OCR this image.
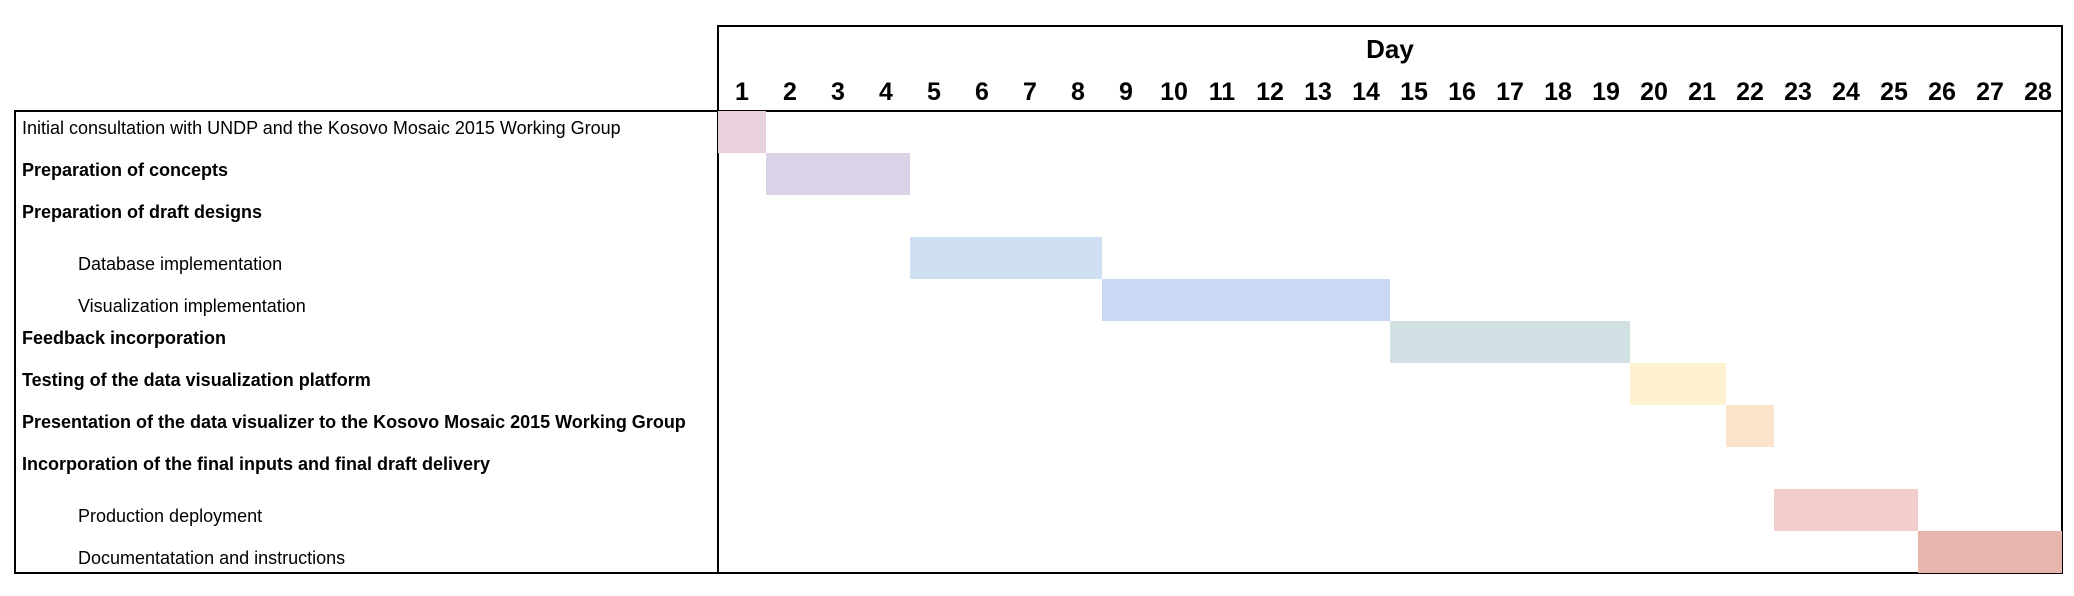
Day
1 2 3 4 5 6 7 8 9 10 11 12 13 14 15 16 17 18 19 20 21 22 23 24 25 26 27 28
Initial consultation with UNDP and the Kosovo Mosaic 2015 Working Group
Preparation of concepts
Preparation of draft designs
Database implementation
Visualization implementation
Feedback incorporation
Testing of the data visualization platform
Presentation of the data visualizer to the Kosovo Mosaic 2015 Working Group
Incorporation of the final inputs and final draft delivery
Production deployment
Documentatation and instructions
